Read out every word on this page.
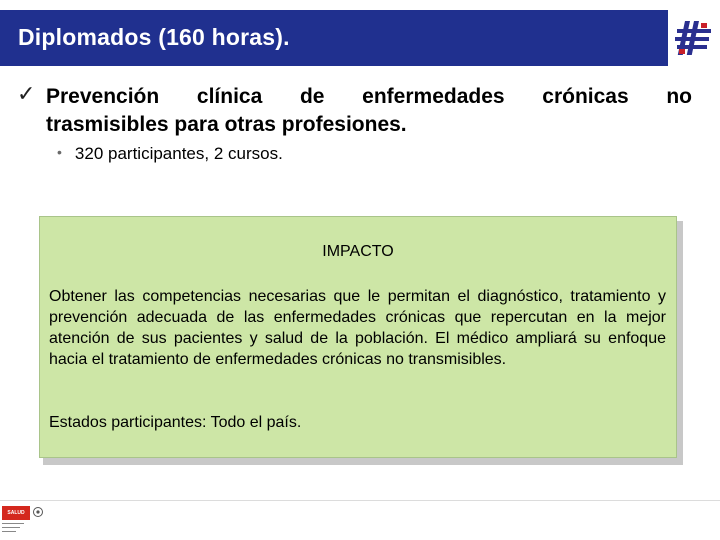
Diplomados (160 horas).
✓ Prevención clínica de enfermedades crónicas no
trasmisibles para otras profesiones.
• 320 participantes, 2 cursos.
IMPACTO
Obtener las competencias necesarias que le permitan el diagnóstico, tratamiento y prevención adecuada de las enfermedades crónicas que repercutan en la mejor atención de sus pacientes y salud de la población. El médico ampliará su enfoque hacia el tratamiento de enfermedades crónicas no transmisibles.
Estados participantes: Todo el país.
SALUD
